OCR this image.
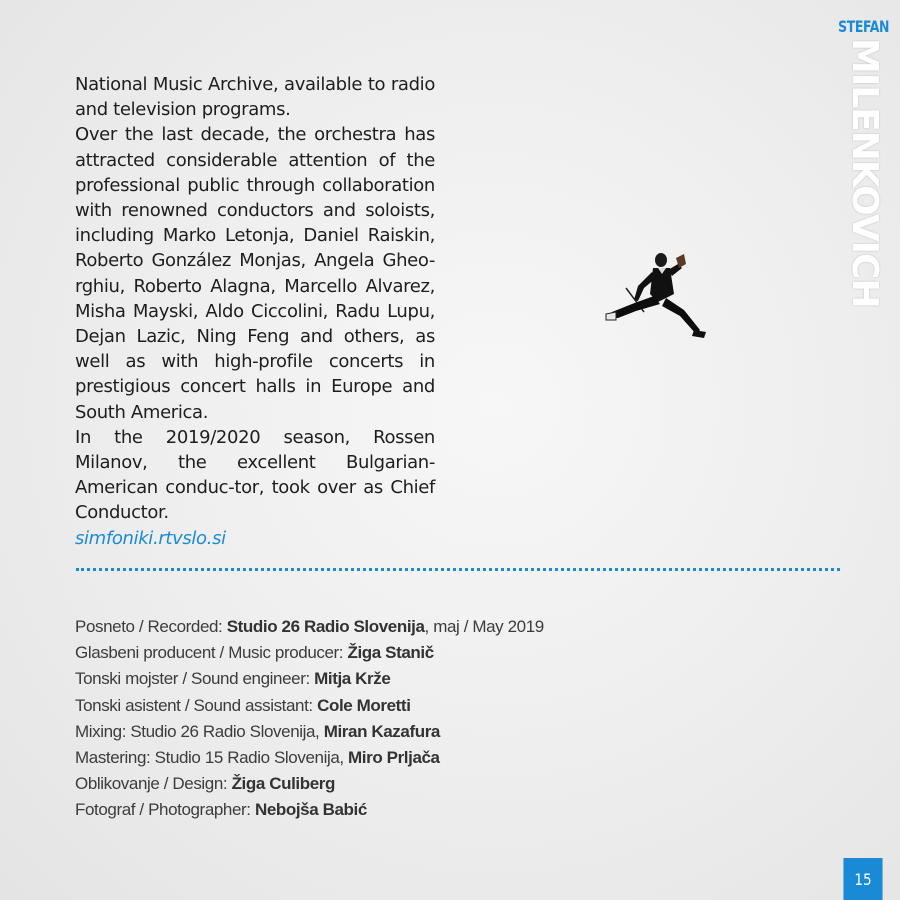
STEFAN
MILENKOVICH

National Music Archive, available to radio and television programs.

Over the last decade, the orchestra has attracted considerable attention of the professional public through collaboration with renowned conductors and soloists, including Marko Letonja, Daniel Raiskin, Roberto González Monjas, Angela Gheo-rghiu, Roberto Alagna, Marcello Alvarez, Misha Mayski, Aldo Ciccolini, Radu Lupu, Dejan Lazic, Ning Feng and others, as well as with high-profile concerts in prestigious concert halls in Europe and South America.

In the 2019/2020 season, Rossen Milanov, the excellent Bulgarian-American conduc-tor, took over as Chief Conductor.

simfoniki.rtvslo.si
Posneto / Recorded: Studio 26 Radio Slovenija, maj / May 2019
Glasbeni producent / Music producer: Žiga Stanič
Tonski mojster / Sound engineer: Mitja Krže
Tonski asistent / Sound assistant: Cole Moretti
Mixing: Studio 26 Radio Slovenija, Miran Kazafura
Mastering: Studio 15 Radio Slovenija, Miro Prljača
Oblikovanje / Design: Žiga Culiberg
Fotograf / Photographer: Nebojša Babić
15
